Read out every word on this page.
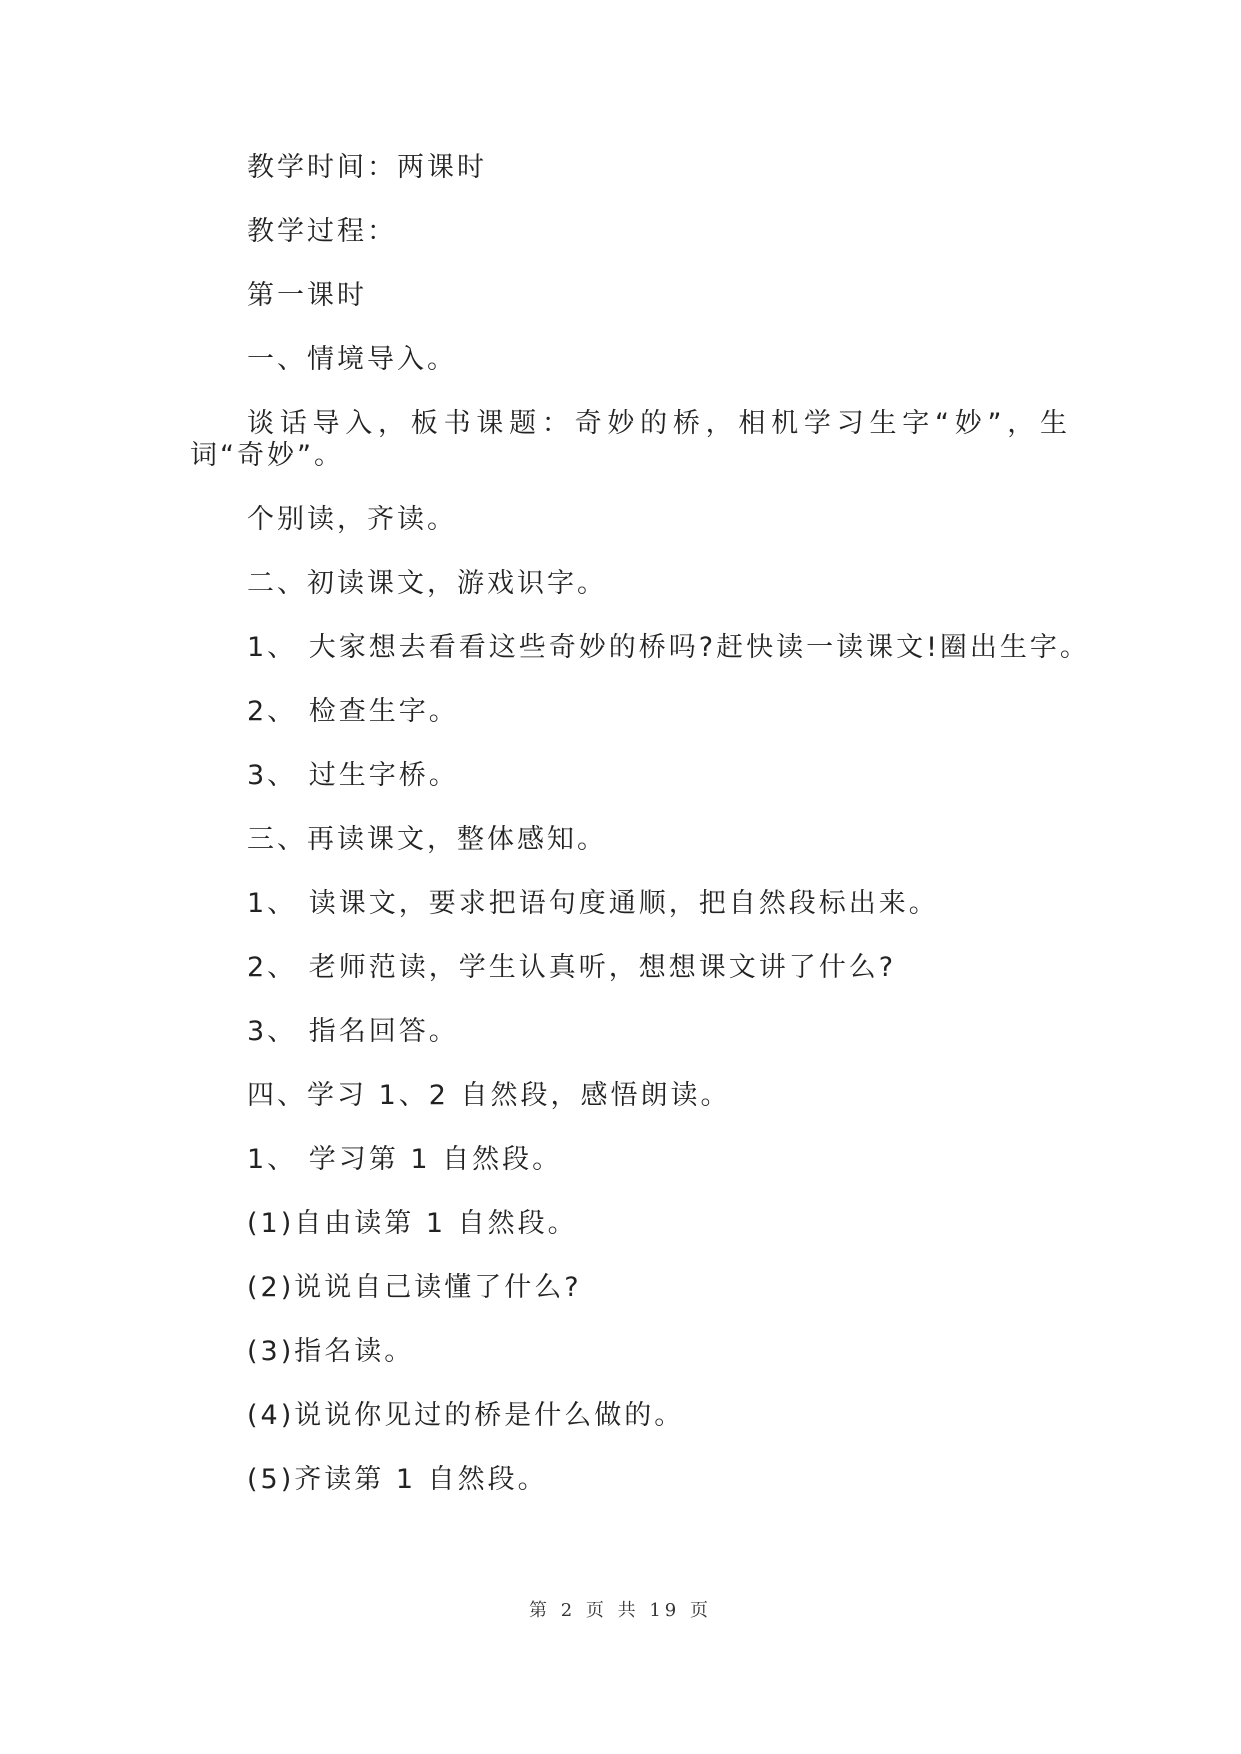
教学时间：两课时

教学过程：

第一课时

一、情境导入。

谈话导入，板书课题：奇妙的桥，相机学习生字“妙”，生词“奇妙”。

个别读，齐读。

二、初读课文，游戏识字。

1、 大家想去看看这些奇妙的桥吗?赶快读一读课文!圈出生字。

2、 检查生字。

3、 过生字桥。

三、再读课文，整体感知。

1、 读课文，要求把语句度通顺，把自然段标出来。

2、 老师范读，学生认真听，想想课文讲了什么?

3、 指名回答。

四、学习 1、2 自然段，感悟朗读。

1、 学习第 1 自然段。

(1)自由读第 1 自然段。

(2)说说自己读懂了什么?

(3)指名读。

(4)说说你见过的桥是什么做的。

(5)齐读第 1 自然段。

第 2 页 共 19 页
